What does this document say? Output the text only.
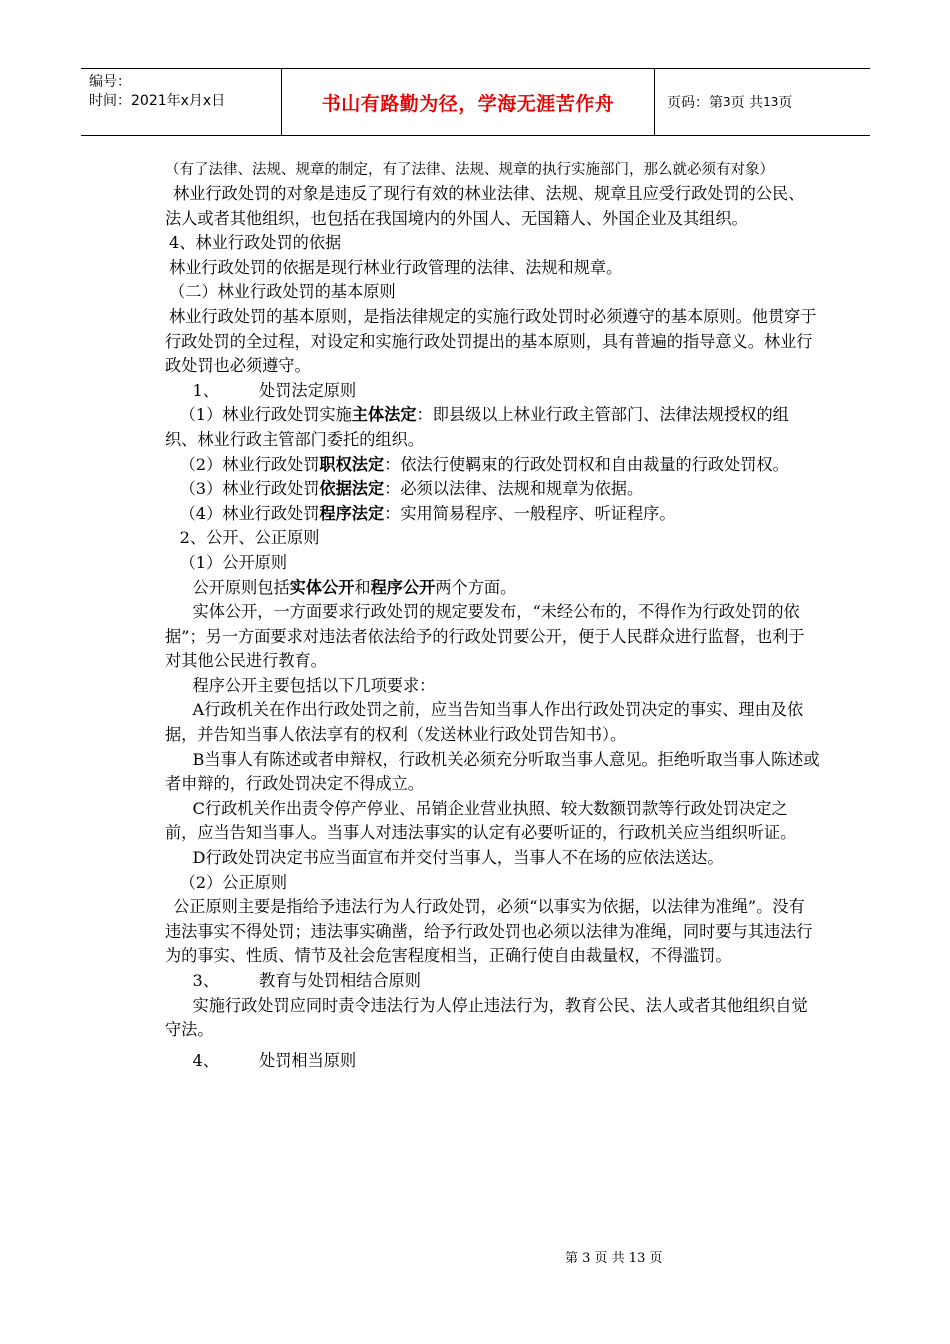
编号：
时间：2021年x月x日	书山有路勤为径，学海无涯苦作舟	页码：第 3 页 共 13 页

（有了法律、法规、规章的制定，有了法律、法规、规章的执行实施部门，那么就必须有对象）

林业行政处罚的对象是违反了现行有效的林业法律、法规、规章且应受行政处罚的公民、法人或者其他组织，也包括在我国境内的外国人、无国籍人、外国企业及其组织。

4、林业行政处罚的依据

林业行政处罚的依据是现行林业行政管理的法律、法规和规章。

（二）林业行政处罚的基本原则

林业行政处罚的基本原则，是指法律规定的实施行政处罚时必须遵守的基本原则。他贯穿于行政处罚的全过程，对设定和实施行政处罚提出的基本原则，具有普遍的指导意义。林业行政处罚也必须遵守。

1、 处罚法定原则

（1）林业行政处罚实施主体法定：即县级以上林业行政主管部门、法律法规授权的组织、林业行政主管部门委托的组织。

（2）林业行政处罚职权法定：依法行使羁束的行政处罚权和自由裁量的行政处罚权。

（3）林业行政处罚依据法定：必须以法律、法规和规章为依据。

（4）林业行政处罚程序法定：实用简易程序、一般程序、听证程序。

2、公开、公正原则

（1）公开原则

公开原则包括实体公开和程序公开两个方面。

实体公开，一方面要求行政处罚的规定要发布，“未经公布的，不得作为行政处罚的依据”；另一方面要求对违法者依法给予的行政处罚要公开，便于人民群众进行监督，也利于对其他公民进行教育。

程序公开主要包括以下几项要求：

A行政机关在作出行政处罚之前，应当告知当事人作出行政处罚决定的事实、理由及依据，并告知当事人依法享有的权利（发送林业行政处罚告知书）。

B当事人有陈述或者申辩权，行政机关必须充分听取当事人意见。拒绝听取当事人陈述或者申辩的，行政处罚决定不得成立。

C行政机关作出责令停产停业、吊销企业营业执照、较大数额罚款等行政处罚决定之前，应当告知当事人。当事人对违法事实的认定有必要听证的，行政机关应当组织听证。

D行政处罚决定书应当面宣布并交付当事人，当事人不在场的应依法送达。

（2）公正原则

公正原则主要是指给予违法行为人行政处罚，必须“以事实为依据，以法律为准绳”。没有违法事实不得处罚；违法事实确凿，给予行政处罚也必须以法律为准绳，同时要与其违法行为的事实、性质、情节及社会危害程度相当，正确行使自由裁量权，不得滥罚。

3、 教育与处罚相结合原则

实施行政处罚应同时责令违法行为人停止违法行为，教育公民、法人或者其他组织自觉守法。

4、 处罚相当原则

第 3 页 共 13 页
